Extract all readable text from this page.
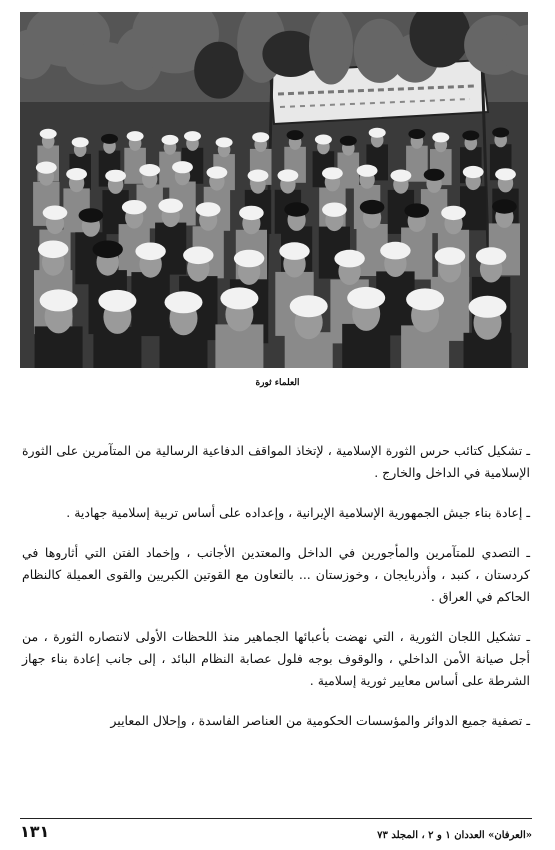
العلماء ثورة

ـ تشكيل كتائب حرس الثورة الإسلامية ، لإتخاذ المواقف الدفاعية الرسالية من المتآمرين على الثورة الإسلامية في الداخل والخارج .

ـ إعادة بناء جيش الجمهورية الإسلامية الإيرانية ، وإعداده على أساس تربية إسلامية جهادية .

ـ التصدي للمتآمرين والمأجورين في الداخل والمعتدين الأجانب ، وإخماد الفتن التي أثاروها في كردستان ، كنبد ، وأذربايجان ، وخوزستان ... بالتعاون مع القوتين الكبريين والقوى العميلة كالنظام الحاكم في العراق .

ـ تشكيل اللجان الثورية ، التي نهضت بأعبائها الجماهير منذ اللحظات الأولى لانتصاره الثورة ، من أجل صيانة الأمن الداخلي ، والوقوف بوجه فلول عصابة النظام البائد ، إلى جانب إعادة بناء جهاز الشرطة على أساس معايير ثورية إسلامية .

ـ تصفية جميع الدوائر والمؤسسات الحكومية من العناصر الفاسدة ، وإحلال المعايير

١٣١	«العرفان» العددان ١ و ٢ ، المجلد ٧٣
